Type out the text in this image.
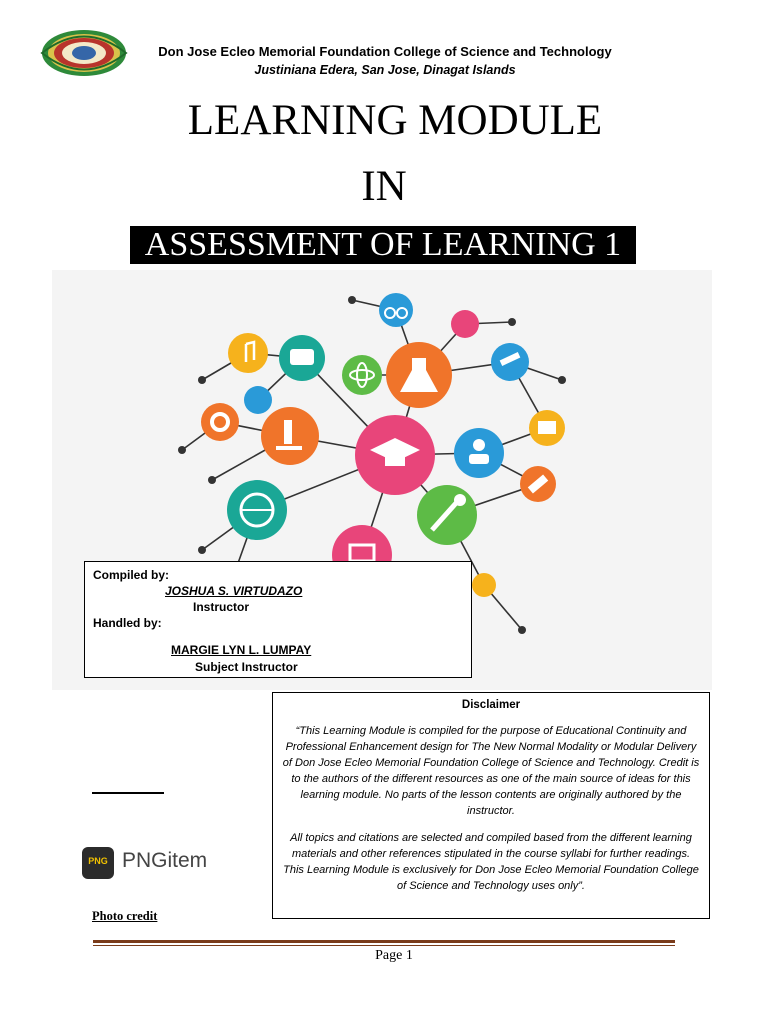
Don Jose Ecleo Memorial Foundation College of Science and Technology
Justiniana Edera, San Jose, Dinagat Islands
LEARNING MODULE
IN
ASSESSMENT OF LEARNING 1
Compiled by:
JOSHUA S. VIRTUDAZO
Instructor
Handled by:
MARGIE LYN L. LUMPAY
Subject Instructor
Disclaimer

“This Learning Module is compiled for the purpose of Educational Continuity and Professional Enhancement design for The New Normal Modality or Modular Delivery of Don Jose Ecleo Memorial Foundation College of Science and Technology. Credit is to the authors of the different resources as one of the main source of ideas for this learning module. No parts of the lesson contents are originally authored by the instructor.

All topics and citations are selected and compiled based from the different learning materials and other references stipulated in the course syllabi for further readings. This Learning Module is exclusively for Don Jose Ecleo Memorial Foundation College of Science and Technology uses only”.

PNG PNGitem
Photo credit
Page 1
